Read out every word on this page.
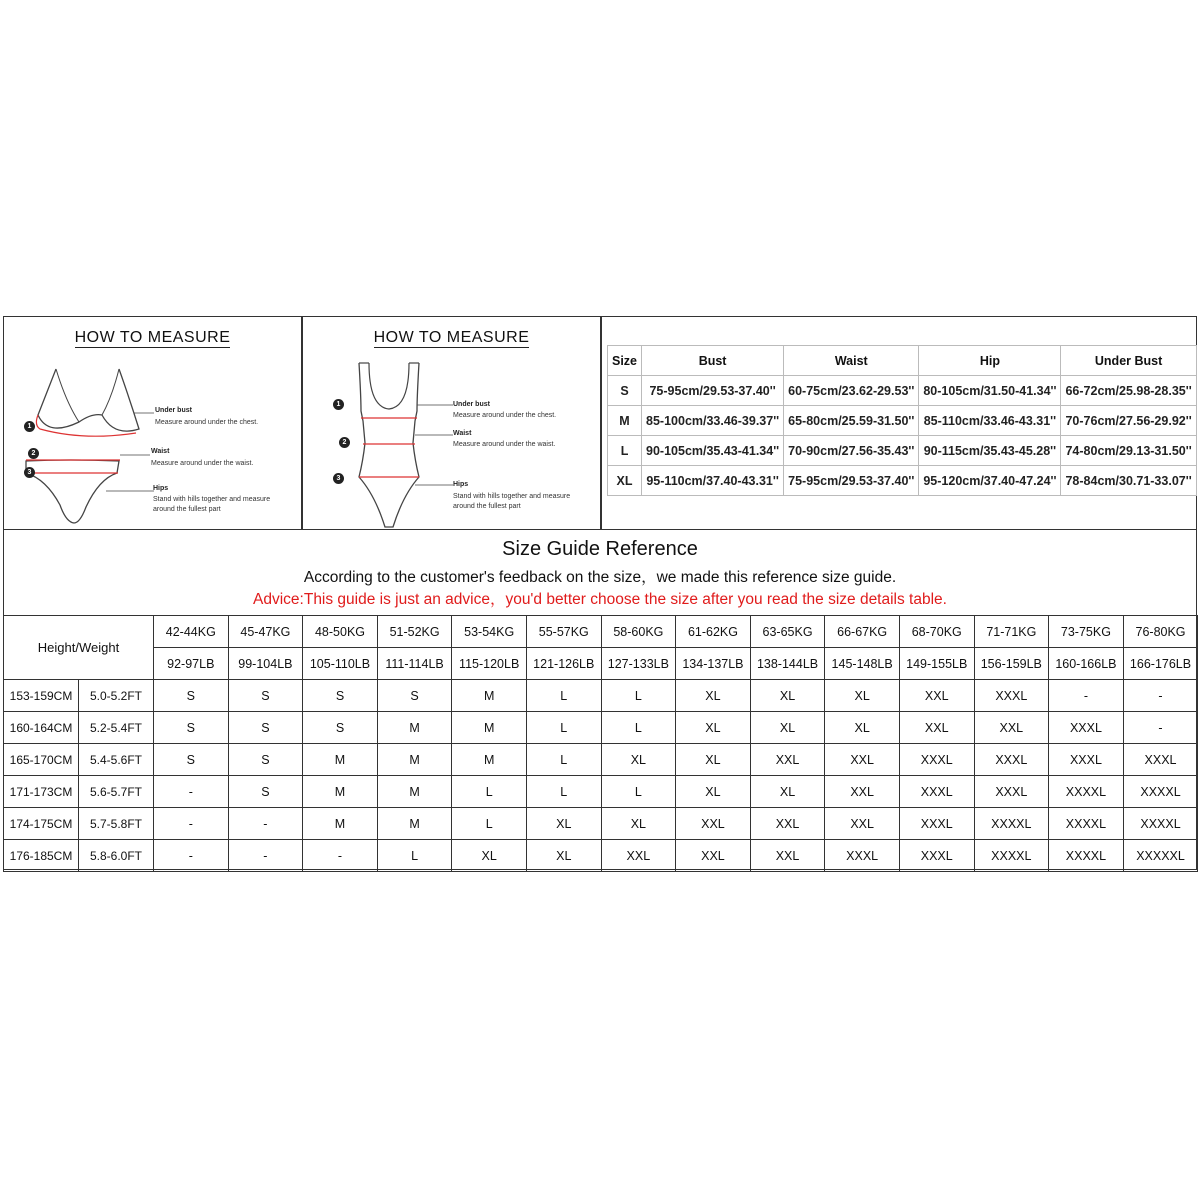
HOW TO MEASURE
1
2
3
Under bust
Measure around under the chest.
Waist
Measure around under the waist.
Hips
Stand with hills together and measure
around the fullest part
HOW TO MEASURE
1
2
3
Under bust
Measure around under the chest.
Waist
Measure around under the waist.
Hips
Stand with hills together and measure
around the fullest part
Size	Bust	Waist	Hip	Under Bust
S	75-95cm/29.53-37.40''	60-75cm/23.62-29.53''	80-105cm/31.50-41.34''	66-72cm/25.98-28.35''
M	85-100cm/33.46-39.37''	65-80cm/25.59-31.50''	85-110cm/33.46-43.31''	70-76cm/27.56-29.92''
L	90-105cm/35.43-41.34''	70-90cm/27.56-35.43''	90-115cm/35.43-45.28''	74-80cm/29.13-31.50''
XL	95-110cm/37.40-43.31''	75-95cm/29.53-37.40''	95-120cm/37.40-47.24''	78-84cm/30.71-33.07''
Size Guide Reference
According to the customer's feedback on the size，we made this reference size guide.
Advice:This guide is just an advice，you'd better choose the size after you read the size details table.
Height/Weight		42-44KG	45-47KG	48-50KG	51-52KG	53-54KG	55-57KG	58-60KG	61-62KG	63-65KG	66-67KG	68-70KG	71-71KG	73-75KG	76-80KG
		92-97LB	99-104LB	105-110LB	111-114LB	115-120LB	121-126LB	127-133LB	134-137LB	138-144LB	145-148LB	149-155LB	156-159LB	160-166LB	166-176LB
153-159CM	5.0-5.2FT	S	S	S	S	M	L	L	XL	XL	XL	XXL	XXXL	-	-
160-164CM	5.2-5.4FT	S	S	S	M	M	L	L	XL	XL	XL	XXL	XXL	XXXL	-
165-170CM	5.4-5.6FT	S	S	M	M	M	L	XL	XL	XXL	XXL	XXXL	XXXL	XXXL	XXXL
171-173CM	5.6-5.7FT	-	S	M	M	L	L	L	XL	XL	XXL	XXXL	XXXL	XXXXL	XXXXL
174-175CM	5.7-5.8FT	-	-	M	M	L	XL	XL	XXL	XXL	XXL	XXXL	XXXXL	XXXXL	XXXXL
176-185CM	5.8-6.0FT	-	-	-	L	XL	XL	XXL	XXL	XXL	XXXL	XXXL	XXXXL	XXXXL	XXXXXL
